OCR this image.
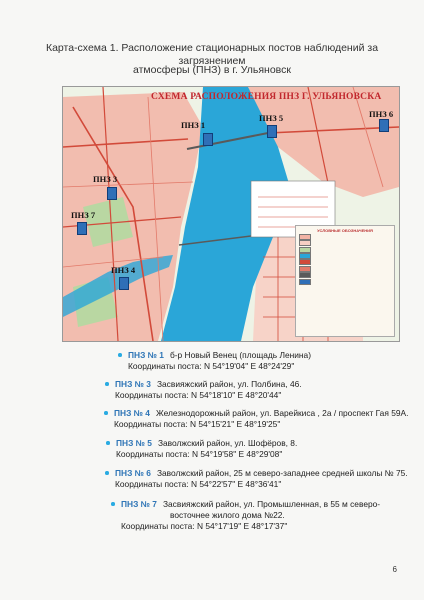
Карта-схема 1. Расположение стационарных постов наблюдений за загрязнением
атмосферы (ПНЗ) в г. Ульяновск
СХЕМА РАСПОЛОЖЕНИЯ ПНЗ Г. УЛЬЯНОВСКА
ПНЗ 1
ПНЗ 5	ПНЗ 6
ПНЗ 3
ПНЗ 7
ПНЗ 4
УСЛОВНЫЕ ОБОЗНАЧЕНИЯ
ПНЗ № 1 б-р Новый Венец (площадь Ленина)
Координаты поста: N 54°19'04" E 48°24'29"
ПНЗ № 3 Засвияжский район, ул. Полбина, 46.
Координаты поста: N 54°18'10" E 48°20'44"
ПНЗ № 4 Железнодорожный район, ул. Варейкиса , 2а / проспект Гая 59А.
Координаты поста: N 54°15'21" E 48°19'25"
ПНЗ № 5 Заволжский район, ул. Шофёров, 8.
Координаты поста: N 54°19'58" E 48°29'08"
ПНЗ № 6 Заволжский район, 25 м северо-западнее средней школы № 75.
Координаты поста: N 54°22'57" E 48°36'41"
ПНЗ № 7 Засвияжский район, ул. Промышленная, в 55 м северо-
восточнее жилого дома №22.
Координаты поста: N 54°17'19" E 48°17'37"
6
